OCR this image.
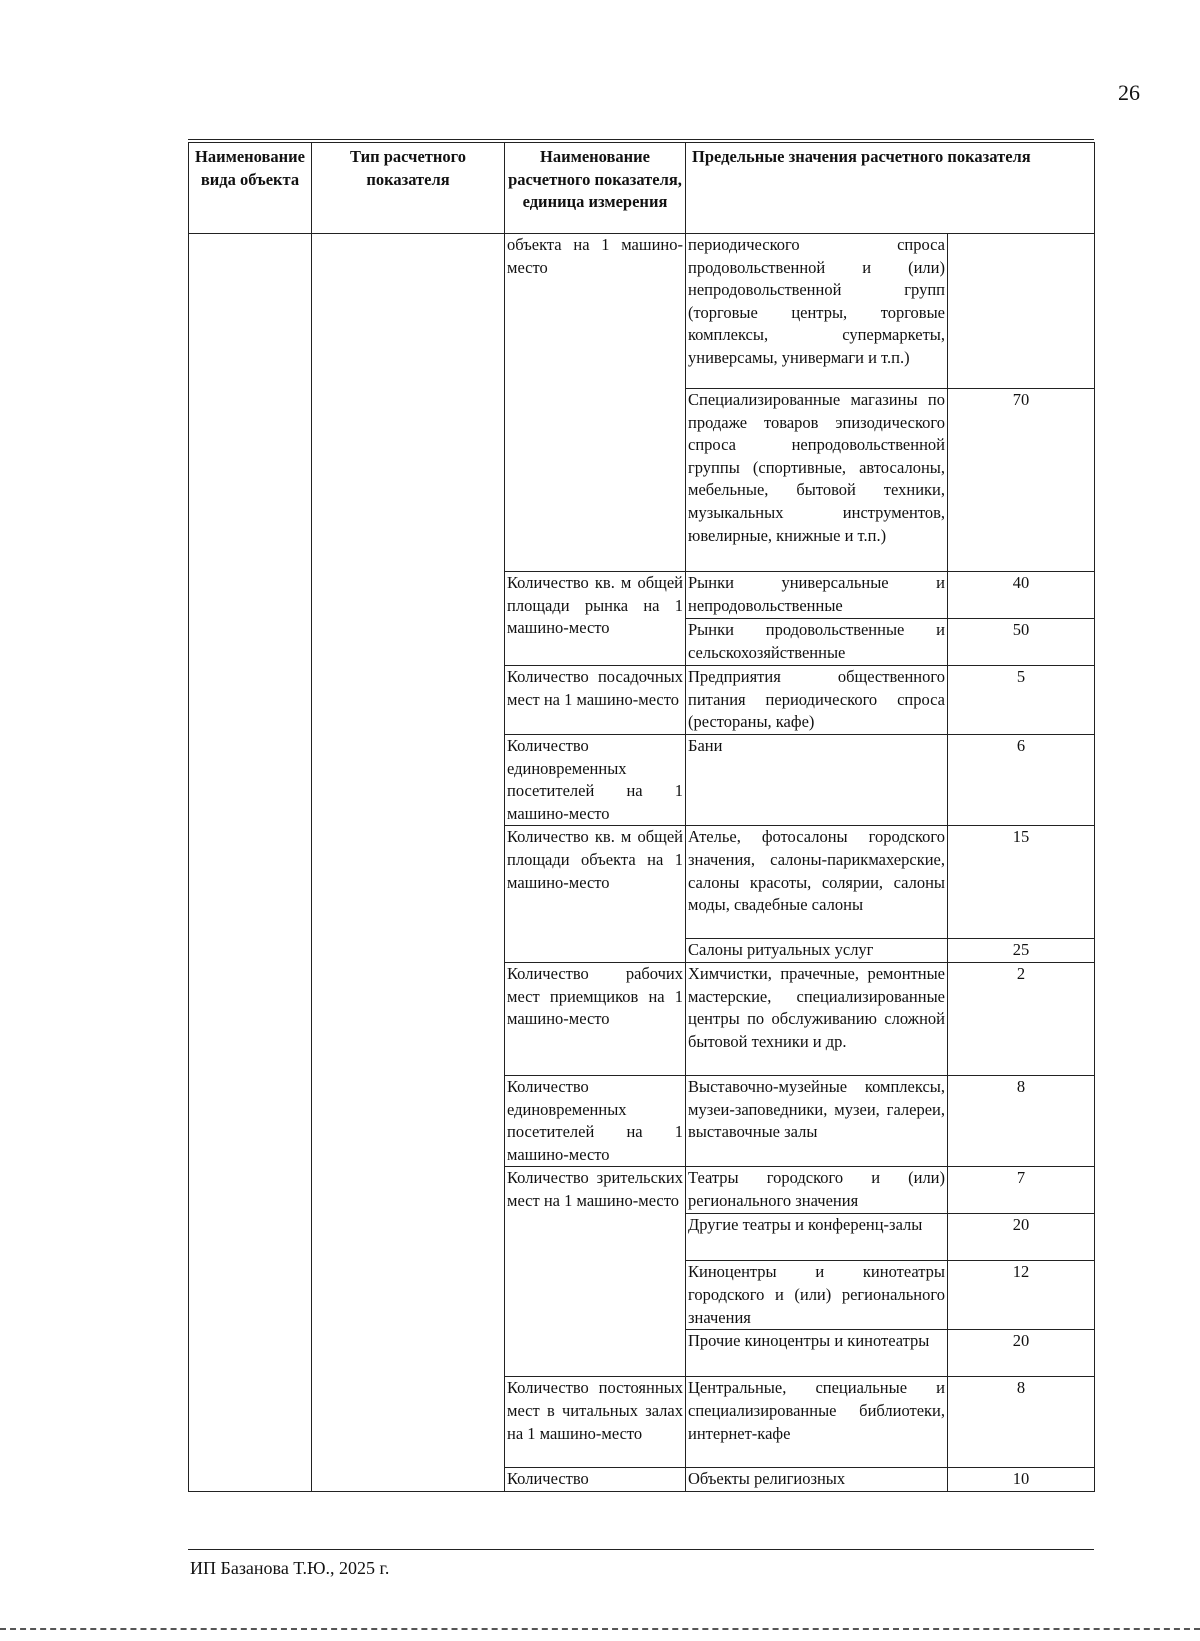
26
Наименование вида объекта	Тип расчетного показателя	Наименование расчетного показателя, единица измерения	Предельные значения расчетного показателя	

		объекта на 1 машино-место	периодического спроса продовольственной и (или) непродовольственной групп (торговые центры, торговые комплексы, супермаркеты, универсамы, универмаги и т.п.)	

			Специализированные магазины по продаже товаров эпизодического спроса непродовольственной группы (спортивные, автосалоны, мебельные, бытовой техники, музыкальных инструментов, ювелирные, книжные и т.п.)	70

		Количество кв. м общей площади рынка на 1 машино-место	Рынки универсальные и непродовольственные	40

			Рынки продовольственные и сельскохозяйственные	50

		Количество посадочных мест на 1 машино-место	Предприятия общественного питания периодического спроса (рестораны, кафе)	5

		Количество единовременных посетителей на 1 машино-место	Бани	6

		Количество кв. м общей площади объекта на 1 машино-место	Ателье, фотосалоны городского значения, салоны-парикмахерские, салоны красоты, солярии, салоны моды, свадебные салоны	15

			Салоны ритуальных услуг	25

		Количество рабочих мест приемщиков на 1 машино-место	Химчистки, прачечные, ремонтные мастерские, специализированные центры по обслуживанию сложной бытовой техники и др.	2

		Количество единовременных посетителей на 1 машино-место	Выставочно-музейные комплексы, музеи-заповедники, музеи, галереи, выставочные залы	8

		Количество зрительских мест на 1 машино-место	Театры городского и (или) регионального значения	7

			Другие театры и конференц-залы	20

			Киноцентры и кинотеатры городского и (или) регионального значения	12

			Прочие киноцентры и кинотеатры	20

		Количество постоянных мест в читальных залах на 1 машино-место	Центральные, специальные и специализированные библиотеки, интернет-кафе	8

		Количество	Объекты религиозных	10
ИП Базанова Т.Ю., 2025 г.
